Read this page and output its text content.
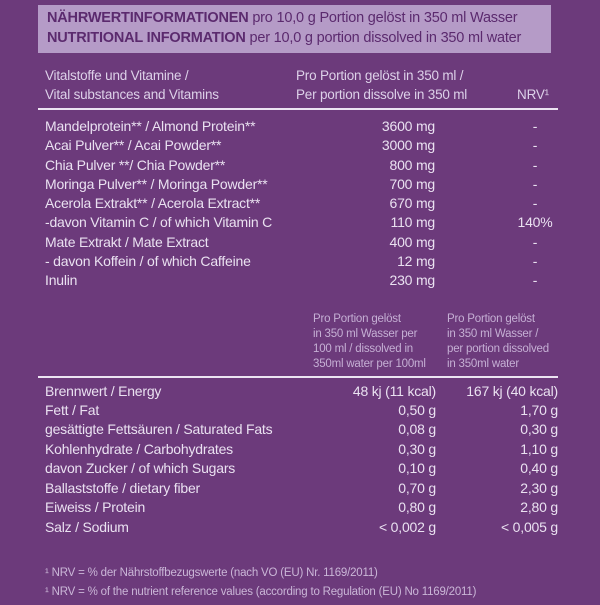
NÄHRWERTINFORMATIONEN pro 10,0 g Portion gelöst in 350 ml Wasser
NUTRITIONAL INFORMATION per 10,0 g portion dissolved in 350 ml water
Vitalstoffe und Vitamine /
Vital substances and Vitamins
Pro Portion gelöst in 350 ml /
Per portion dissolve in 350 ml	NRV¹
Mandelprotein** / Almond Protein**	3600 mg	-
Acai Pulver** / Acai Powder**	3000 mg	-
Chia Pulver **/ Chia Powder**	800 mg	-
Moringa Pulver** / Moringa Powder**	700 mg	-
Acerola Extrakt** / Acerola Extract**	670 mg	-
-davon Vitamin C / of which Vitamin C	110 mg	140%
Mate Extrakt / Mate Extract	400 mg	-
- davon Koffein / of which Caffeine	12 mg	-
Inulin	230 mg	-
Pro Portion gelöst
in 350 ml Wasser per
100 ml / dissolved in
350ml water per 100ml
Pro Portion gelöst
in 350 ml Wasser /
per portion dissolved
in 350ml water
Brennwert / Energy	48 kj (11 kcal)	167 kj (40 kcal)
Fett / Fat	0,50 g	1,70 g
gesättigte Fettsäuren / Saturated Fats	0,08 g	0,30 g
Kohlenhydrate / Carbohydrates	0,30 g	1,10 g
davon Zucker / of which Sugars	0,10 g	0,40 g
Ballaststoffe / dietary fiber	0,70 g	2,30 g
Eiweiss / Protein	0,80 g	2,80 g
Salz / Sodium	< 0,002 g	< 0,005 g
¹ NRV = % der Nährstoffbezugswerte (nach VO (EU) Nr. 1169/2011)
¹ NRV = % of the nutrient reference values (according to Regulation (EU) No 1169/2011)
